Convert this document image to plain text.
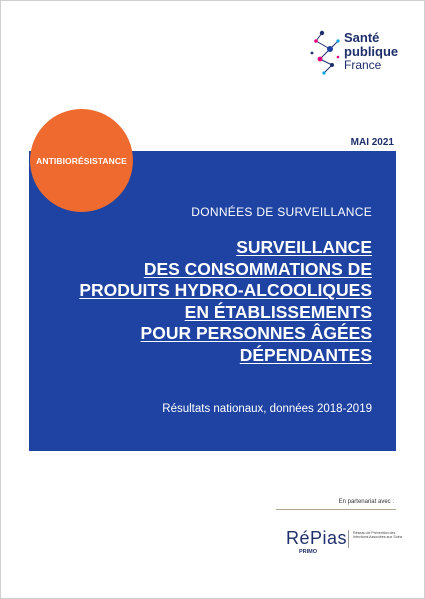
Santé
publique
France
MAI 2021
ANTIBIORÉSISTANCE
DONNÉES DE SURVEILLANCE
SURVEILLANCE
DES CONSOMMATIONS DE
PRODUITS HYDRO-ALCOOLIQUES
EN ÉTABLISSEMENTS
POUR PERSONNES ÂGÉES
DÉPENDANTES
Résultats nationaux, données 2018-2019
En partenariat avec :
RéPias
PRIMO
Réseau de Prévention des Infections Associées aux Soins
